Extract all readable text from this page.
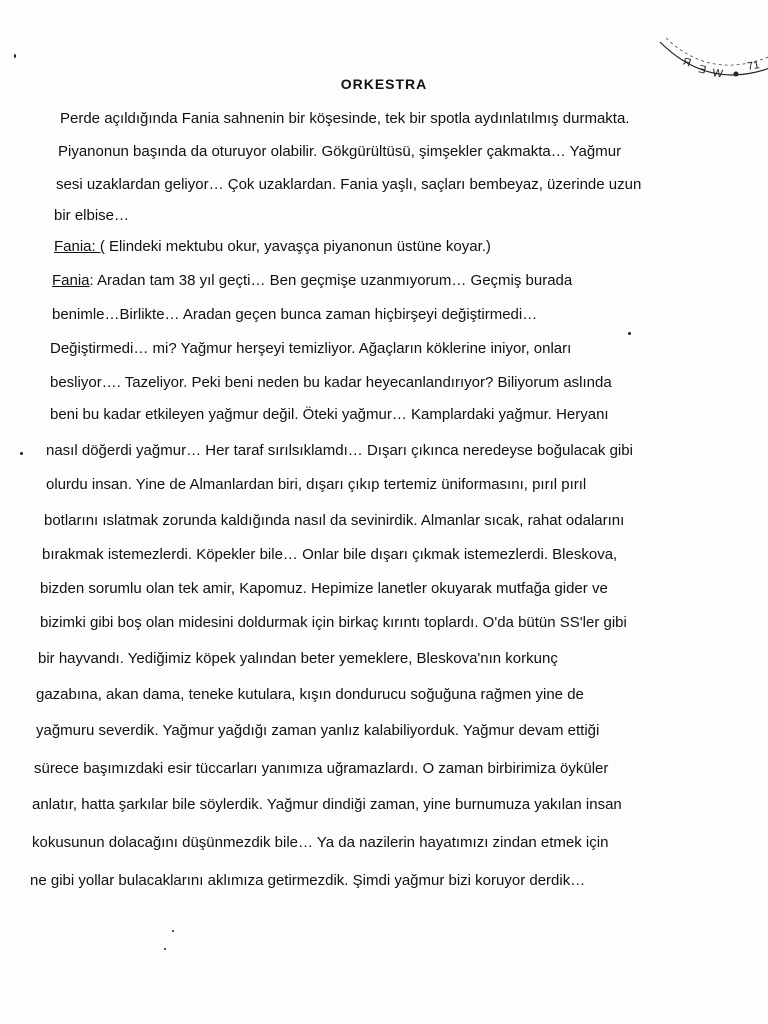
Я
Ǝ W
71
ORKESTRA
Perde açıldığında Fania sahnenin bir köşesinde, tek bir spotla aydınlatılmış durmakta.
Piyanonun başında da oturuyor olabilir. Gökgürültüsü, şimşekler çakmakta… Yağmur
sesi uzaklardan geliyor… Çok uzaklardan. Fania yaşlı, saçları bembeyaz, üzerinde uzun
bir elbise…
Fania: ( Elindeki mektubu okur, yavaşça piyanonun üstüne koyar.)
Fania: Aradan tam 38 yıl geçti… Ben geçmişe uzanmıyorum… Geçmiş burada
benimle…Birlikte… Aradan geçen bunca zaman hiçbirşeyi değiştirmedi…
Değiştirmedi… mi? Yağmur herşeyi temizliyor. Ağaçların köklerine iniyor, onları
besliyor…. Tazeliyor. Peki beni neden bu kadar heyecanlandırıyor? Biliyorum aslında
beni bu kadar etkileyen yağmur değil. Öteki yağmur… Kamplardaki yağmur. Heryanı
nasıl döğerdi yağmur… Her taraf sırılsıklamdı… Dışarı çıkınca neredeyse boğulacak gibi
olurdu insan. Yine de Almanlardan biri, dışarı çıkıp tertemiz üniformasını, pırıl pırıl
botlarını ıslatmak zorunda kaldığında nasıl da sevinirdik. Almanlar sıcak, rahat odalarını
bırakmak istemezlerdi. Köpekler bile… Onlar bile dışarı çıkmak istemezlerdi. Bleskova,
bizden sorumlu olan tek amir, Kapomuz. Hepimize lanetler okuyarak mutfağa gider ve
bizimki gibi boş olan midesini doldurmak için birkaç kırıntı toplardı. O'da bütün SS'ler gibi
bir hayvandı. Yediğimiz köpek yalından beter yemeklere, Bleskova'nın korkunç
gazabına, akan dama, teneke kutulara, kışın dondurucu soğuğuna rağmen yine de
yağmuru severdik. Yağmur yağdığı zaman yanlız kalabiliyorduk. Yağmur devam ettiği
sürece başımızdaki esir tüccarları yanımıza uğramazlardı. O zaman birbirimiza öyküler
anlatır, hatta şarkılar bile söylerdik. Yağmur dindiği zaman, yine burnumuza yakılan insan
kokusunun dolacağını düşünmezdik bile… Ya da nazilerin hayatımızı zindan etmek için
ne gibi yollar bulacaklarını aklımıza getirmezdik. Şimdi yağmur bizi koruyor derdik…
